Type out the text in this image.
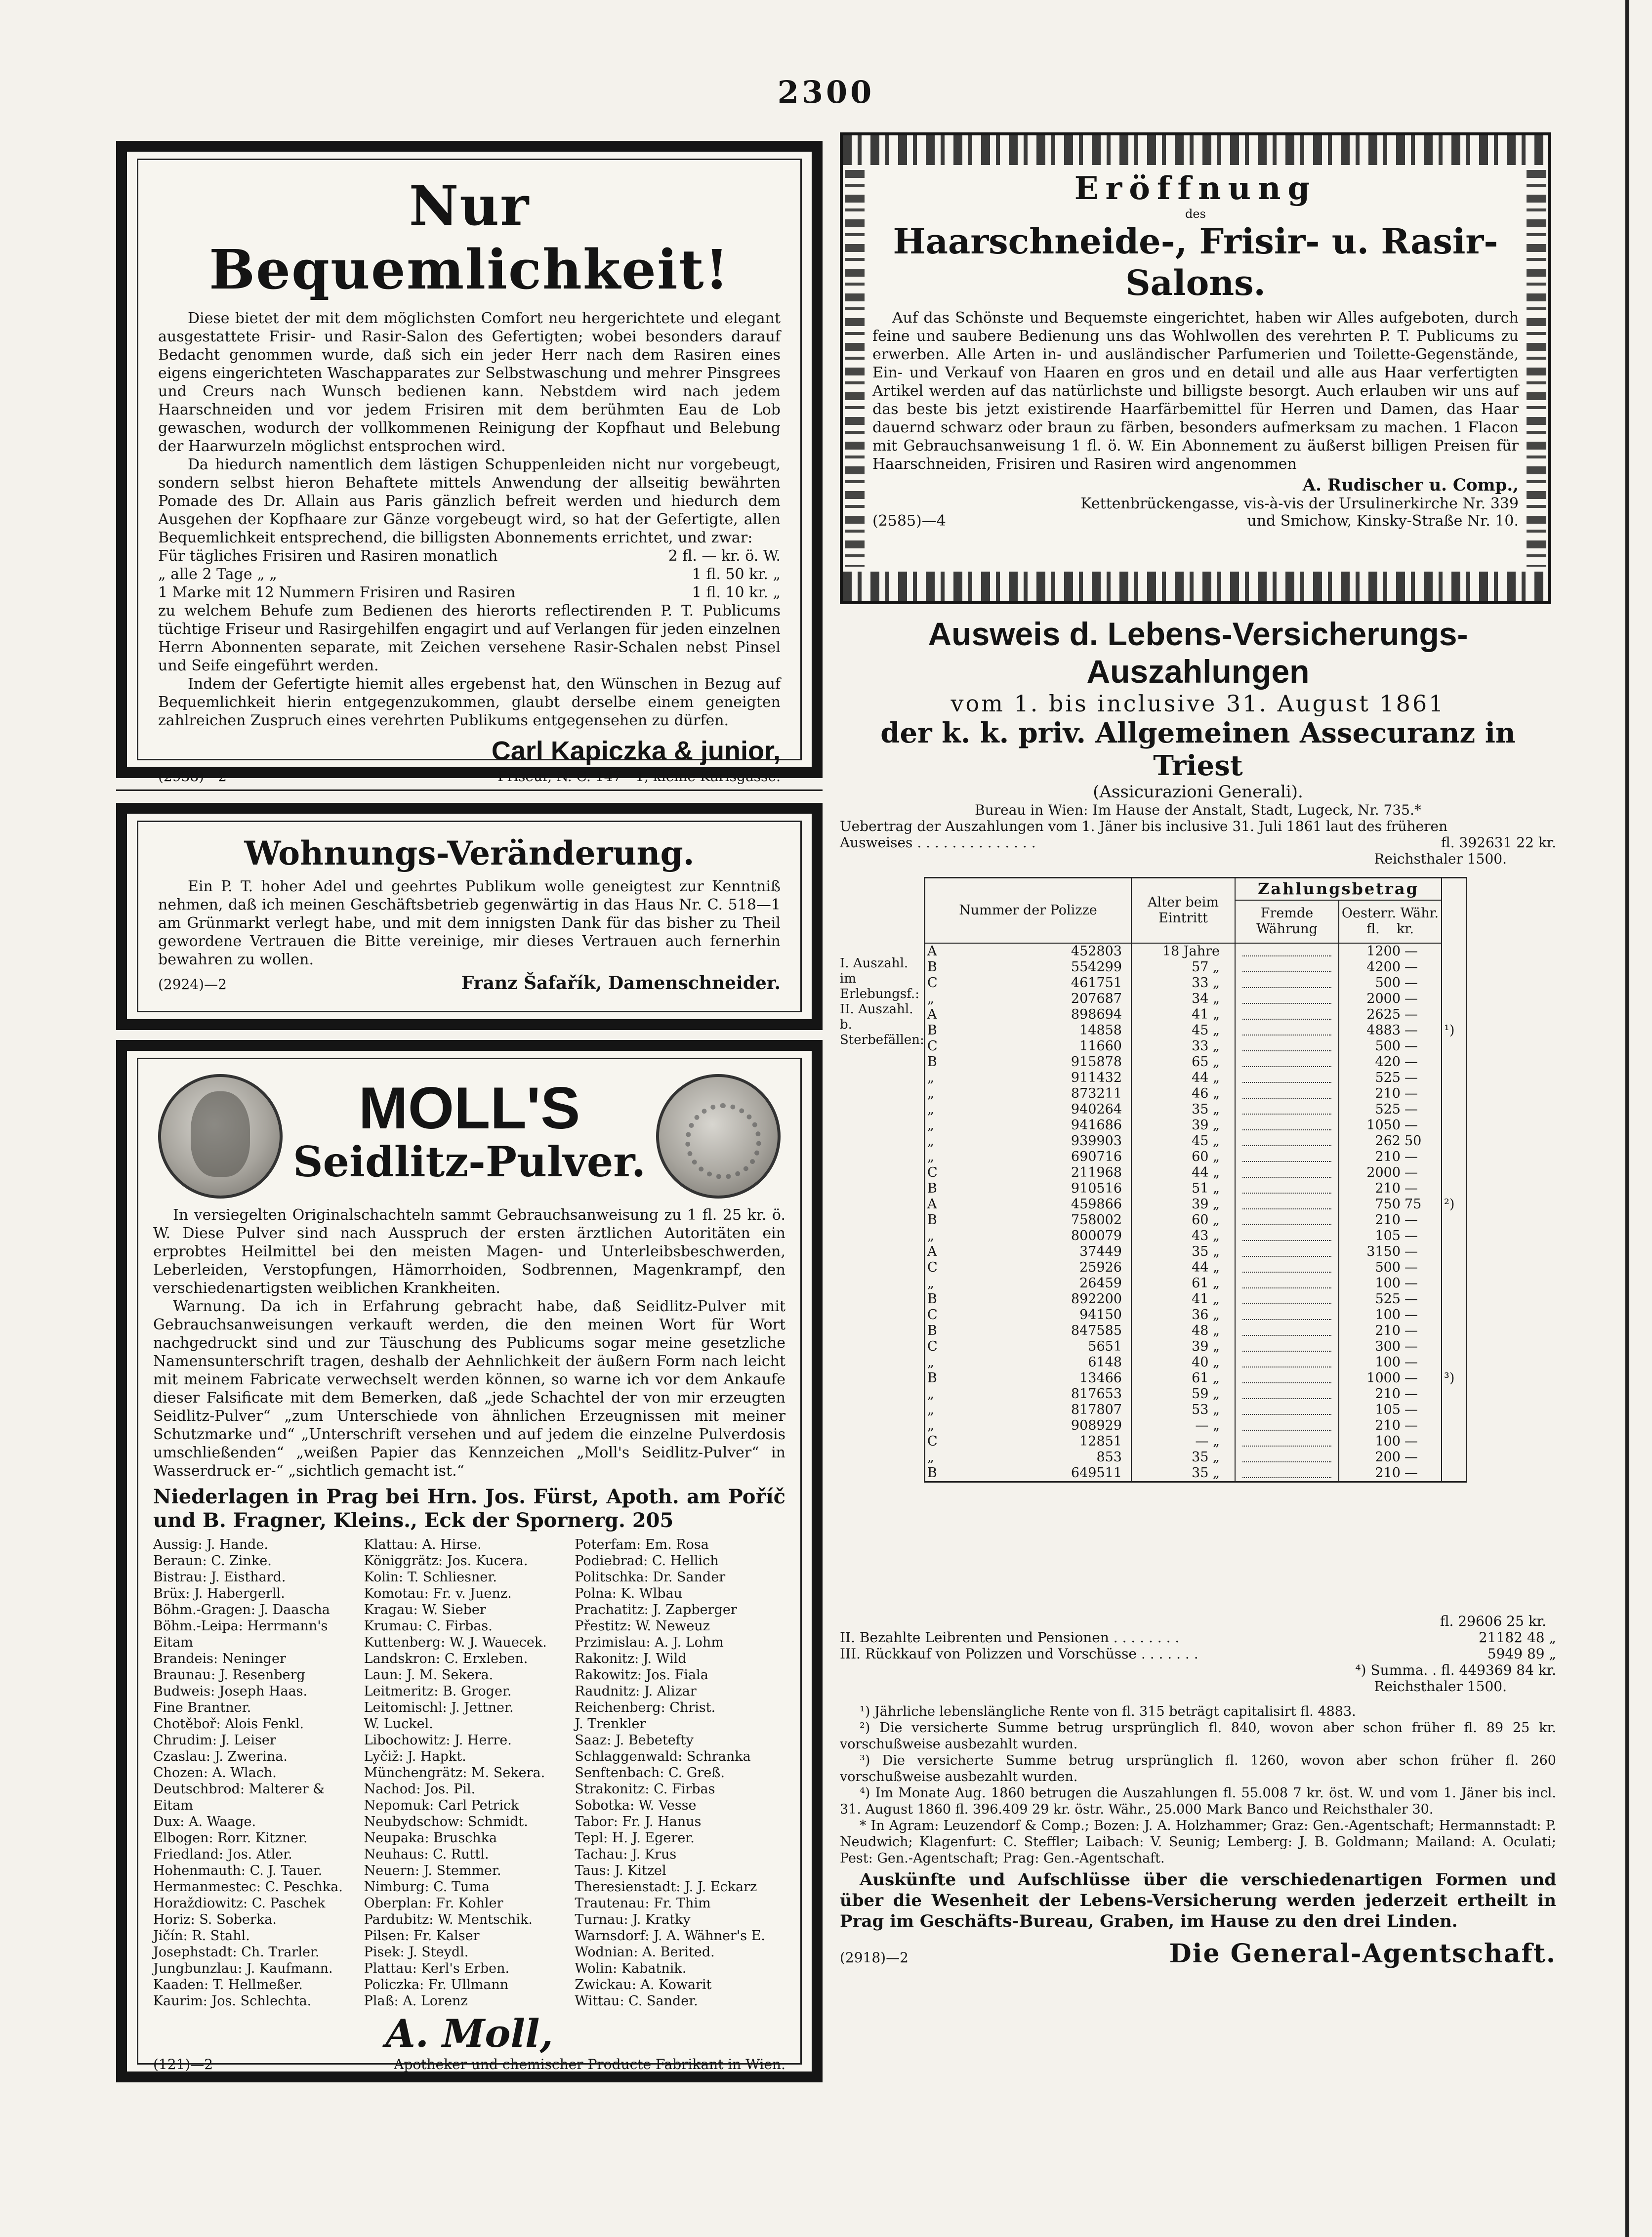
2300
Nur Bequemlichkeit!

Diese bietet der mit dem möglichsten Comfort neu hergerichtete und elegant ausgestattete Frisir- und Rasir-Salon des Gefertigten; wobei besonders darauf Bedacht genommen wurde, daß sich ein jeder Herr nach dem Rasiren eines eigens eingerichteten Waschapparates zur Selbstwaschung und mehrer Pinsgrees und Creurs nach Wunsch bedienen kann. Nebstdem wird nach jedem Haarschneiden und vor jedem Frisiren mit dem berühmten Eau de Lob gewaschen, wodurch der vollkommenen Reinigung der Kopfhaut und Belebung der Haarwurzeln möglichst entsprochen wird.

Da hiedurch namentlich dem lästigen Schuppenleiden nicht nur vorgebeugt, sondern selbst hieron Behaftete mittels Anwendung der allseitig bewährten Pomade des Dr. Allain aus Paris gänzlich befreit werden und hiedurch dem Ausgehen der Kopfhaare zur Gänze vorgebeugt wird, so hat der Gefertigte, allen Bequemlichkeit entsprechend, die billigsten Abonnements errichtet, und zwar:

Für tägliches Frisiren und Rasiren monatlich	2 fl. — kr. ö. W.
„ alle 2 Tage „ „	1 fl. 50 kr. „
1 Marke mit 12 Nummern Frisiren und Rasiren	1 fl. 10 kr. „

zu welchem Behufe zum Bedienen des hierorts reflectirenden P. T. Publicums tüchtige Friseur und Rasirgehilfen engagirt und auf Verlangen für jeden einzelnen Herrn Abonnenten separate, mit Zeichen versehene Rasir-Schalen nebst Pinsel und Seife eingeführt werden.

Indem der Gefertigte hiemit alles ergebenst hat, den Wünschen in Bezug auf Bequemlichkeit hierin entgegenzukommen, glaubt derselbe einem geneigten zahlreichen Zuspruch eines verehrten Publikums entgegensehen zu dürfen.

Carl Kapiczka & junior,
(2938)—2	Friseur, N. C. 147—1, kleine Karlsgasse.
Wohnungs-Veränderung.

Ein P. T. hoher Adel und geehrtes Publikum wolle geneigtest zur Kenntniß nehmen, daß ich meinen Geschäftsbetrieb gegenwärtig in das Haus Nr. C. 518—1 am Grünmarkt verlegt habe, und mit dem innigsten Dank für das bisher zu Theil gewordene Vertrauen die Bitte vereinige, mir dieses Vertrauen auch fernerhin bewahren zu wollen.

(2924)—2	Franz Šafařík, Damenschneider.
MOLL'S
Seidlitz-Pulver.

In versiegelten Originalschachteln sammt Gebrauchsanweisung zu 1 fl. 25 kr. ö. W. Diese Pulver sind nach Ausspruch der ersten ärztlichen Autoritäten ein erprobtes Heilmittel bei den meisten Magen- und Unterleibsbeschwerden, Leberleiden, Verstopfungen, Hämorrhoiden, Sodbrennen, Magenkrampf, den verschiedenartigsten weiblichen Krankheiten.

Warnung. Da ich in Erfahrung gebracht habe, daß Seidlitz-Pulver mit Gebrauchsanweisungen verkauft werden, die den meinen Wort für Wort nachgedruckt sind und zur Täuschung des Publicums sogar meine gesetzliche Namensunterschrift tragen, deshalb der Aehnlichkeit der äußern Form nach leicht mit meinem Fabricate verwechselt werden können, so warne ich vor dem Ankaufe dieser Falsificate mit dem Bemerken, daß „jede Schachtel der von mir erzeugten Seidlitz-Pulver“ „zum Unterschiede von ähnlichen Erzeugnissen mit meiner Schutzmarke und“ „Unterschrift versehen und auf jedem die einzelne Pulverdosis umschließenden“ „weißen Papier das Kennzeichen „Moll's Seidlitz-Pulver“ in Wasserdruck er-“ „sichtlich gemacht ist.“

Niederlagen in Prag bei Hrn. Jos. Fürst, Apoth. am Poříč und B. Fragner, Kleins., Eck der Spornerg. 205
Aussig: J. Hande.
Beraun: C. Zinke.
Bistrau: J. Eisthard.
Brüx: J. Habergerll.
Böhm.-Gragen: J. Daascha
Böhm.-Leipa: Herrmann's
Eitam
Brandeis: Neninger
Braunau: J. Resenberg
Budweis: Joseph Haas.
Fine Brantner.
Chotěboř: Alois Fenkl.
Chrudim: J. Leiser
Czaslau: J. Zwerina.
Chozen: A. Wlach.
Deutschbrod: Malterer &
Eitam
Dux: A. Waage.
Elbogen: Rorr. Kitzner.
Friedland: Jos. Atler.
Hohenmauth: C. J. Tauer.
Hermanmestec: C. Peschka.
Horaždiowitz: C. Paschek
Horiz: S. Soberka.
Jičín: R. Stahl.
Josephstadt: Ch. Trarler.
Jungbunzlau: J. Kaufmann.
Kaaden: T. Hellmeßer.
Kaurim: Jos. Schlechta.
Klattau: A. Hirse.
Königgrätz: Jos. Kucera.
Kolin: T. Schliesner.
Komotau: Fr. v. Juenz.
Kragau: W. Sieber
Krumau: C. Firbas.
Kuttenberg: W. J. Wauecek.
Landskron: C. Erxleben.
Laun: J. M. Sekera.
Leitmeritz: B. Groger.
Leitomischl: J. Jettner.
W. Luckel.
Libochowitz: J. Herre.
Lyčiž: J. Hapkt.
Münchengrätz: M. Sekera.
Nachod: Jos. Pil.
Nepomuk: Carl Petrick
Neubydschow: Schmidt.
Neupaka: Bruschka
Neuhaus: C. Ruttl.
Neuern: J. Stemmer.
Nimburg: C. Tuma
Oberplan: Fr. Kohler
Pardubitz: W. Mentschik.
Pilsen: Fr. Kalser
Pisek: J. Steydl.
Plattau: Kerl's Erben.
Policzka: Fr. Ullmann
Plaß: A. Lorenz
Poterfam: Em. Rosa
Podiebrad: C. Hellich
Politschka: Dr. Sander
Polna: K. Wlbau
Prachatitz: J. Zapberger
Přestitz: W. Neweuz
Przimislau: A. J. Lohm
Rakonitz: J. Wild
Rakowitz: Jos. Fiala
Raudnitz: J. Alizar
Reichenberg: Christ.
J. Trenkler
Saaz: J. Bebetefty
Schlaggenwald: Schranka
Senftenbach: C. Greß.
Strakonitz: C. Firbas
Sobotka: W. Vesse
Tabor: Fr. J. Hanus
Tepl: H. J. Egerer.
Tachau: J. Krus
Taus: J. Kitzel
Theresienstadt: J. J. Eckarz
Trautenau: Fr. Thim
Turnau: J. Kratky
Warnsdorf: J. A. Wähner's E.
Wodnian: A. Berited.
Wolin: Kabatnik.
Zwickau: A. Kowarit
Wittau: C. Sander.
A. Moll,
(121)—2	Apotheker und chemischer Producte Fabrikant in Wien.
Eröffnung
des
Haarschneide-, Frisir- u. Rasir-Salons.

Auf das Schönste und Bequemste eingerichtet, haben wir Alles aufgeboten, durch feine und saubere Bedienung uns das Wohlwollen des verehrten P. T. Publicums zu erwerben. Alle Arten in- und ausländischer Parfumerien und Toilette-Gegenstände, Ein- und Verkauf von Haaren en gros und en detail und alle aus Haar verfertigten Artikel werden auf das natürlichste und billigste besorgt. Auch erlauben wir uns auf das beste bis jetzt existirende Haarfärbemittel für Herren und Damen, das Haar dauernd schwarz oder braun zu färben, besonders aufmerksam zu machen. 1 Flacon mit Gebrauchsanweisung 1 fl. ö. W. Ein Abonnement zu äußerst billigen Preisen für Haarschneiden, Frisiren und Rasiren wird angenommen

A. Rudischer u. Comp.,
Kettenbrückengasse, vis-à-vis der Ursulinerkirche Nr. 339
(2585)—4	und Smichow, Kinsky-Straße Nr. 10.
Ausweis d. Lebens-Versicherungs-Auszahlungen
vom 1. bis inclusive 31. August 1861
der k. k. priv. Allgemeinen Assecuranz in Triest
(Assicurazioni Generali).
Bureau in Wien: Im Hause der Anstalt, Stadt, Lugeck, Nr. 735.*
Uebertrag der Auszahlungen vom 1. Jäner bis inclusive 31. Juli 1861 laut des früheren
Ausweises . . . . . . . . . . . . . .	fl. 392631 22 kr.
Reichsthaler 1500.
I. Auszahl. im
Erlebungsf.:
II. Auszahl. b.
Sterbefällen:
Nummer der Polizze		Alter beim Eintritt	Zahlungsbetrag			
			Fremde Währung	Oesterr. Währ.
fl. kr.		
A	452803	18 Jahre		1200	—	
B	554299	57 „		4200	—	
C	461751	33 „		500	—	
„	207687	34 „		2000	—	
A	898694	41 „		2625	—	
B	14858	45 „		4883	—	¹)
C	11660	33 „		500	—	
B	915878	65 „		420	—	
„	911432	44 „		525	—	
„	873211	46 „		210	—	
„	940264	35 „		525	—	
„	941686	39 „		1050	—	
„	939903	45 „		262	50	
„	690716	60 „		210	—	
C	211968	44 „		2000	—	
B	910516	51 „		210	—	
A	459866	39 „		750	75	²)
B	758002	60 „		210	—	
„	800079	43 „		105	—	
A	37449	35 „		3150	—	
C	25926	44 „		500	—	
„	26459	61 „		100	—	
B	892200	41 „		525	—	
C	94150	36 „		100	—	
B	847585	48 „		210	—	
C	5651	39 „		300	—	
„	6148	40 „		100	—	
B	13466	61 „		1000	—	³)
„	817653	59 „		210	—	
„	817807	53 „		105	—	
„	908929	— „		210	—	
C	12851	— „		100	—	
„	853	35 „		200	—	
B	649511	35 „		210	—	
fl. 29606 25 kr.
II. Bezahlte Leibrenten und Pensionen . . . . . . . .	21182 48 „
III. Rückkauf von Polizzen und Vorschüsse . . . . . . .	5949 89 „
⁴) Summa. . fl. 449369 84 kr.
Reichsthaler 1500.

¹) Jährliche lebenslängliche Rente von fl. 315 beträgt capitalisirt fl. 4883.

²) Die versicherte Summe betrug ursprünglich fl. 840, wovon aber schon früher fl. 89 25 kr. vorschußweise ausbezahlt wurden.

³) Die versicherte Summe betrug ursprünglich fl. 1260, wovon aber schon früher fl. 260 vorschußweise ausbezahlt wurden.

⁴) Im Monate Aug. 1860 betrugen die Auszahlungen fl. 55.008 7 kr. öst. W. und vom 1. Jäner bis incl. 31. August 1860 fl. 396.409 29 kr. östr. Währ., 25.000 Mark Banco und Reichsthaler 30.

* In Agram: Leuzendorf & Comp.; Bozen: J. A. Holzhammer; Graz: Gen.-Agentschaft; Hermannstadt: P. Neudwich; Klagenfurt: C. Steffler; Laibach: V. Seunig; Lemberg: J. B. Goldmann; Mailand: A. Oculati; Pest: Gen.-Agentschaft; Prag: Gen.-Agentschaft.

Auskünfte und Aufschlüsse über die verschiedenartigen Formen und über die Wesenheit der Lebens-Versicherung werden jederzeit ertheilt in Prag im Geschäfts-Bureau, Graben, im Hause zu den drei Linden.

(2918)—2	Die General-Agentschaft.
